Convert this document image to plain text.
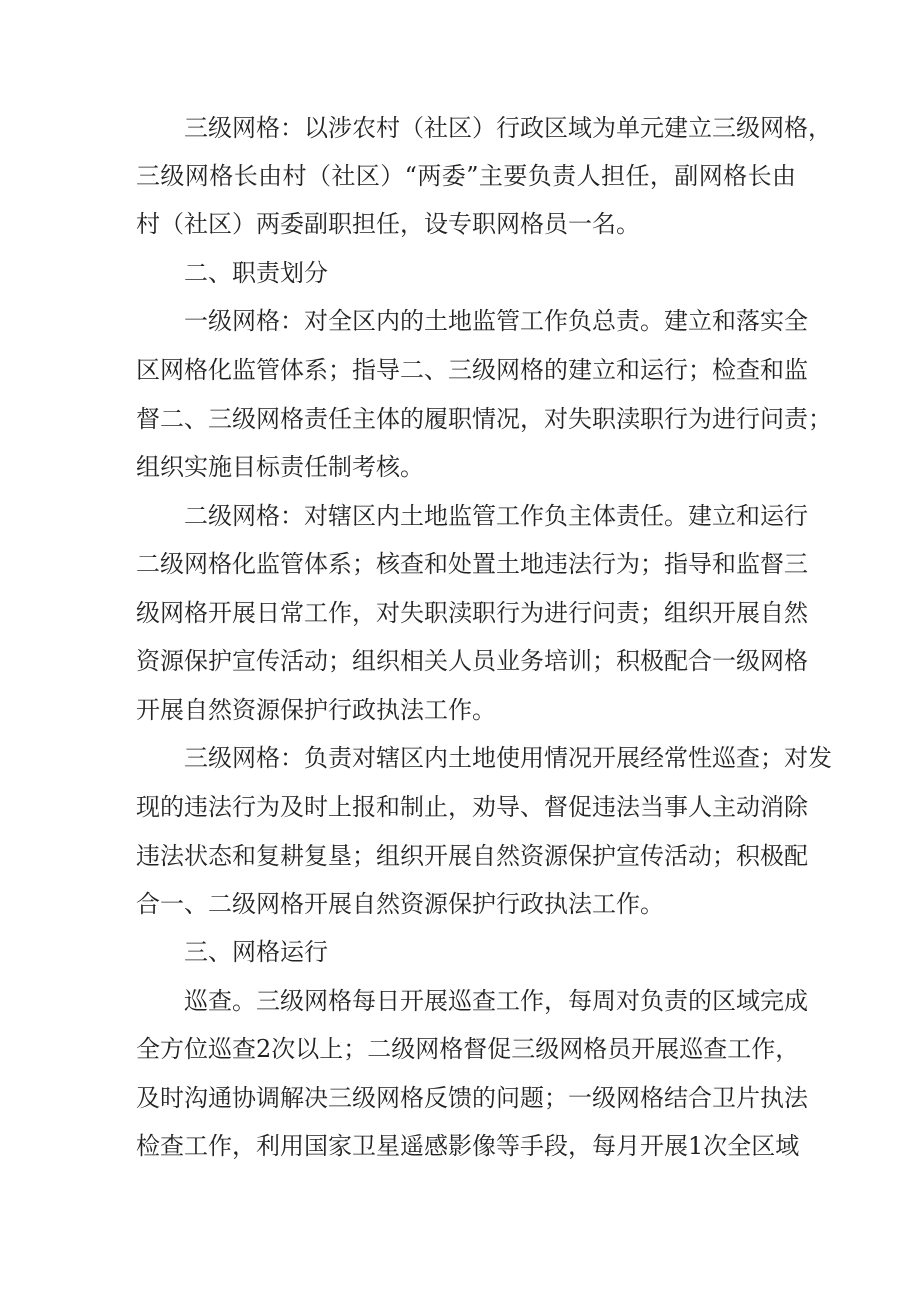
三级网格：以涉农村（社区）行政区域为单元建立三级网格，
三级网格长由村（社区）“两委”主要负责人担任，副网格长由
村（社区）两委副职担任，设专职网格员一名。
二、职责划分
一级网格：对全区内的土地监管工作负总责。建立和落实全
区网格化监管体系；指导二、三级网格的建立和运行；检查和监
督二、三级网格责任主体的履职情况，对失职渎职行为进行问责；
组织实施目标责任制考核。
二级网格：对辖区内土地监管工作负主体责任。建立和运行
二级网格化监管体系；核查和处置土地违法行为；指导和监督三
级网格开展日常工作，对失职渎职行为进行问责；组织开展自然
资源保护宣传活动；组织相关人员业务培训；积极配合一级网格
开展自然资源保护行政执法工作。
三级网格：负责对辖区内土地使用情况开展经常性巡查；对发
现的违法行为及时上报和制止，劝导、督促违法当事人主动消除
违法状态和复耕复垦；组织开展自然资源保护宣传活动；积极配
合一、二级网格开展自然资源保护行政执法工作。
三、网格运行
巡查。三级网格每日开展巡查工作，每周对负责的区域完成
全方位巡查2次以上；二级网格督促三级网格员开展巡查工作，
及时沟通协调解决三级网格反馈的问题；一级网格结合卫片执法
检查工作，利用国家卫星遥感影像等手段，每月开展1次全区域
